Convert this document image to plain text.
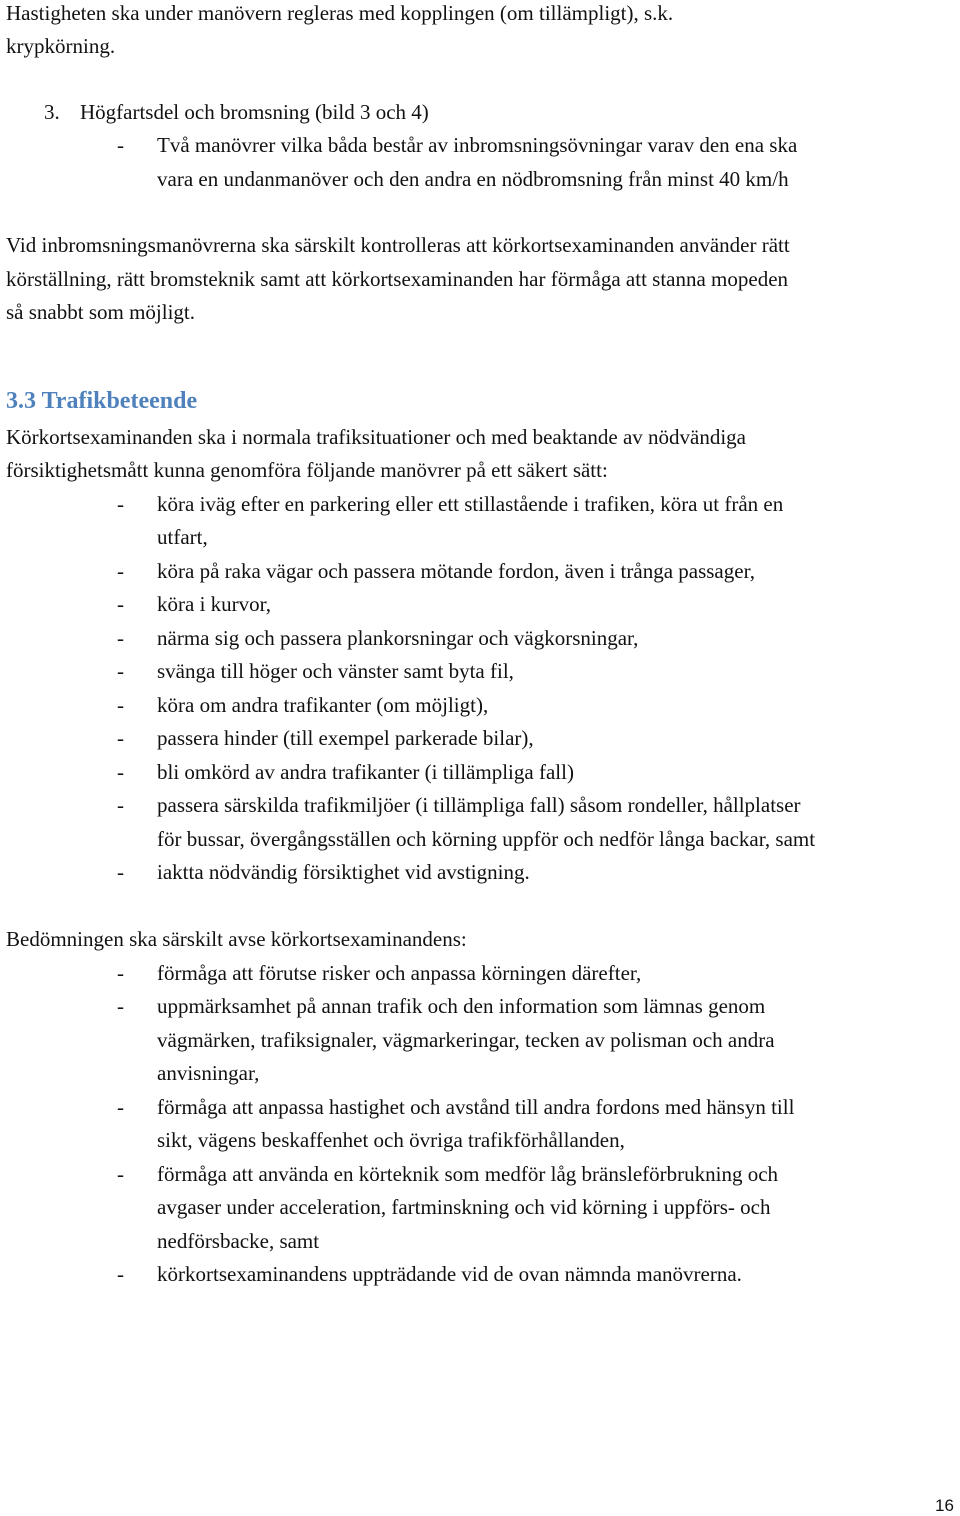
Hastigheten ska under manövern regleras med kopplingen (om tillämpligt), s.k.
krypkörning.
3. Högfartsdel och bromsning (bild 3 och 4)
- Två manövrer vilka båda består av inbromsningsövningar varav den ena ska
vara en undanmanöver och den andra en nödbromsning från minst 40 km/h
Vid inbromsningsmanövrerna ska särskilt kontrolleras att körkortsexaminanden använder rätt
körställning, rätt bromsteknik samt att körkortsexaminanden har förmåga att stanna mopeden
så snabbt som möjligt.
3.3 Trafikbeteende
Körkortsexaminanden ska i normala trafiksituationer och med beaktande av nödvändiga
försiktighetsmått kunna genomföra följande manövrer på ett säkert sätt:
- köra iväg efter en parkering eller ett stillastående i trafiken, köra ut från en
utfart,
- köra på raka vägar och passera mötande fordon, även i trånga passager,
- köra i kurvor,
- närma sig och passera plankorsningar och vägkorsningar,
- svänga till höger och vänster samt byta fil,
- köra om andra trafikanter (om möjligt),
- passera hinder (till exempel parkerade bilar),
- bli omkörd av andra trafikanter (i tillämpliga fall)
- passera särskilda trafikmiljöer (i tillämpliga fall) såsom rondeller, hållplatser
för bussar, övergångsställen och körning uppför och nedför långa backar, samt
- iaktta nödvändig försiktighet vid avstigning.
Bedömningen ska särskilt avse körkortsexaminandens:
- förmåga att förutse risker och anpassa körningen därefter,
- uppmärksamhet på annan trafik och den information som lämnas genom
vägmärken, trafiksignaler, vägmarkeringar, tecken av polisman och andra
anvisningar,
- förmåga att anpassa hastighet och avstånd till andra fordons med hänsyn till
sikt, vägens beskaffenhet och övriga trafikförhållanden,
- förmåga att använda en körteknik som medför låg bränsleförbrukning och
avgaser under acceleration, fartminskning och vid körning i uppförs- och
nedförsbacke, samt
- körkortsexaminandens uppträdande vid de ovan nämnda manövrerna.
16
